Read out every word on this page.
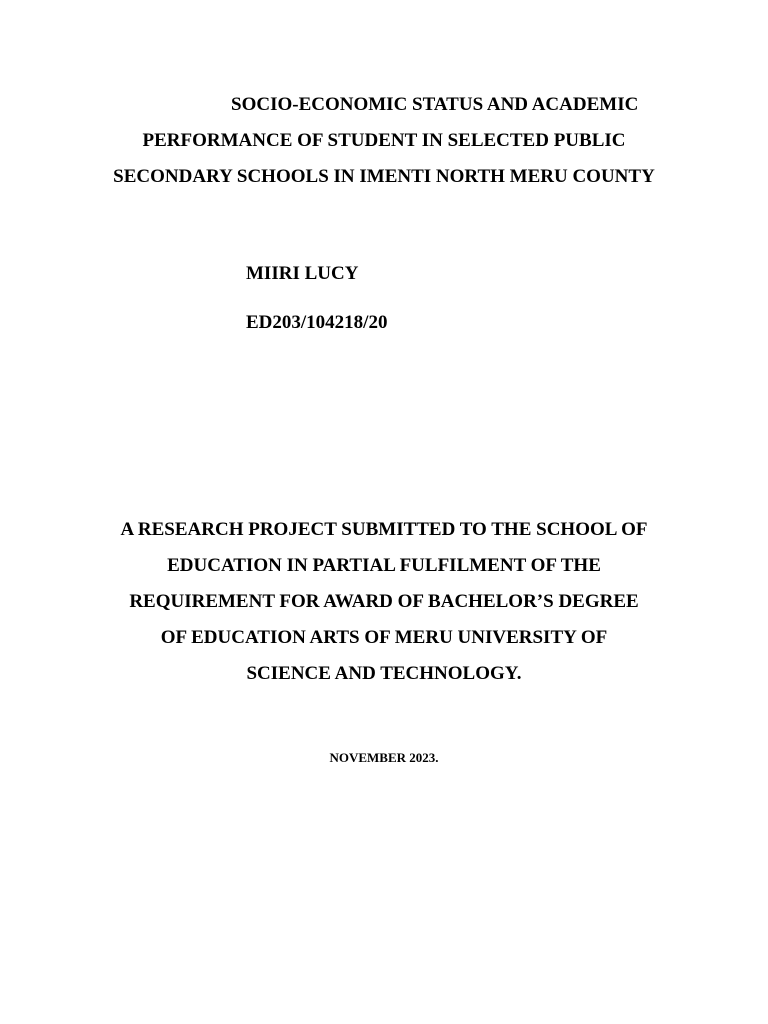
SOCIO-ECONOMIC STATUS AND ACADEMIC
PERFORMANCE OF STUDENT IN SELECTED PUBLIC
SECONDARY SCHOOLS IN IMENTI NORTH MERU COUNTY
MIIRI LUCY
ED203/104218/20
A RESEARCH PROJECT SUBMITTED TO THE SCHOOL OF
EDUCATION IN PARTIAL FULFILMENT OF THE
REQUIREMENT FOR AWARD OF BACHELOR’S DEGREE
OF EDUCATION ARTS OF MERU UNIVERSITY OF
SCIENCE AND TECHNOLOGY.
NOVEMBER 2023.
